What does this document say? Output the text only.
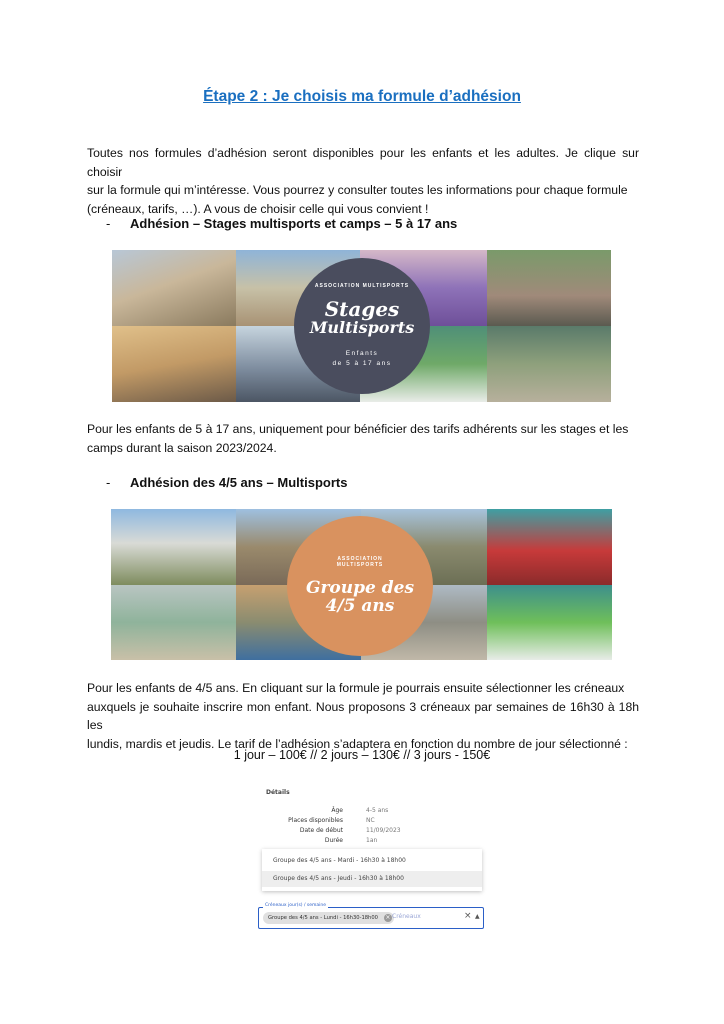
Étape 2 : Je choisis ma formule d’adhésion
Toutes nos formules d’adhésion seront disponibles pour les enfants et les adultes. Je clique sur choisir
sur la formule qui m’intéresse. Vous pourrez y consulter toutes les informations pour chaque formule
(créneaux, tarifs, …). A vous de choisir celle qui vous convient !
- Adhésion – Stages multisports et camps – 5 à 17 ans
ASSOCIATION MULTISPORTS
Stages
Multisports
Enfants
de 5 à 17 ans
Pour les enfants de 5 à 17 ans, uniquement pour bénéficier des tarifs adhérents sur les stages et les
camps durant la saison 2023/2024.
- Adhésion des 4/5 ans – Multisports
ASSOCIATION
MULTISPORTS
Groupe des
4/5 ans
Pour les enfants de 4/5 ans. En cliquant sur la formule je pourrais ensuite sélectionner les créneaux
auxquels je souhaite inscrire mon enfant. Nous proposons 3 créneaux par semaines de 16h30 à 18h les
lundis, mardis et jeudis. Le tarif de l’adhésion s’adaptera en fonction du nombre de jour sélectionné :
1 jour – 100€ // 2 jours – 130€ // 3 jours - 150€
Détails
Âge	4-5 ans
Places disponibles	NC
Date de début	11/09/2023
Durée	1an
Groupe des 4/5 ans - Mardi - 16h30 à 18h00
Groupe des 4/5 ans - Jeudi - 16h30 à 18h00
Créneaux jour(s) / semaine
Groupe des 4/5 ans - Lundi - 16h30-18h00 × Créneaux	× ▲
